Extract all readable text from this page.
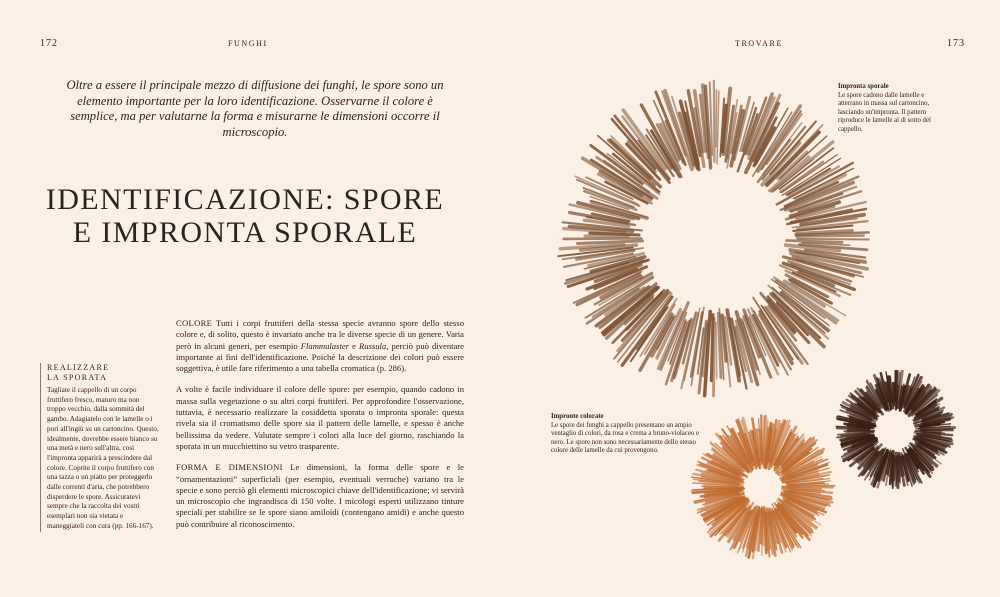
172	FUNGHI
Oltre a essere il principale mezzo di diffusione dei funghi, le spore sono un elemento importante per la loro identificazione. Osservarne il colore è semplice, ma per valutarne la forma e misurarne le dimensioni occorre il microscopio.
IDENTIFICAZIONE: SPORE
E IMPRONTA SPORALE
REALIZZARE
LA SPORATA
Tagliate il cappello di un corpo fruttifero fresco, maturo ma non troppo vecchio, dalla sommità del gambo. Adagiatelo con le lamelle o i pori all'ingiù su un cartoncino. Questo, idealmente, dovrebbe essere bianco su una metà e nero sull'altra, così l'impronta apparirà a prescindere dal colore. Coprite il corpo fruttifero con una tazza o un piatto per proteggerlo dalle correnti d'aria, che potrebbero disperdere le spore. Assicuratevi sempre che la raccolta dei vostri esemplari non sia vietata e maneggiateli con cura (pp. 166-167).

COLORE Tutti i corpi fruttiferi della stessa specie avranno spore dello stesso colore e, di solito, questo è invariato anche tra le diverse specie di un genere. Varia però in alcuni generi, per esempio Flammulaster e Russula, perciò può diventare importante ai fini dell'identificazione. Poiché la descrizione dei colori può essere soggettiva, è utile fare riferimento a una tabella cromatica (p. 286).

A volte è facile individuare il colore delle spore: per esempio, quando cadono in massa sulla vegetazione o su altri corpi fruttiferi. Per approfondire l'osservazione, tuttavia, è necessario realizzare la cosiddetta sporata o impronta sporale: questa rivela sia il cromatismo delle spore sia il pattern delle lamelle, e spesso è anche bellissima da vedere. Valutate sempre i colori alla luce del giorno, raschiando la sporata in un mucchiettino su vetro trasparente.

FORMA E DIMENSIONI Le dimensioni, la forma delle spore e le “ornamentazioni” superficiali (per esempio, eventuali verruche) variano tra le specie e sono perciò gli elementi microscopici chiave dell'identificazione; vi servirà un microscopio che ingrandisca di 150 volte. I micologi esperti utilizzano tinture speciali per stabilire se le spore siano amiloidi (contengano amidi) e anche questo può contribuire al riconoscimento.

TROVARE	173
Impronta sporale
Le spore cadono dalle lamelle e atterrano in massa sul cartoncino, lasciando un'impronta. Il pattern riproduce le lamelle al di sotto del cappello.
Impronte colorate
Le spore dei funghi a cappello presentano un ampio ventaglio di colori, da rosa e crema a bruno-violaceo e nero. Le spore non sono necessariamente dello stesso colore delle lamelle da cui provengono.
